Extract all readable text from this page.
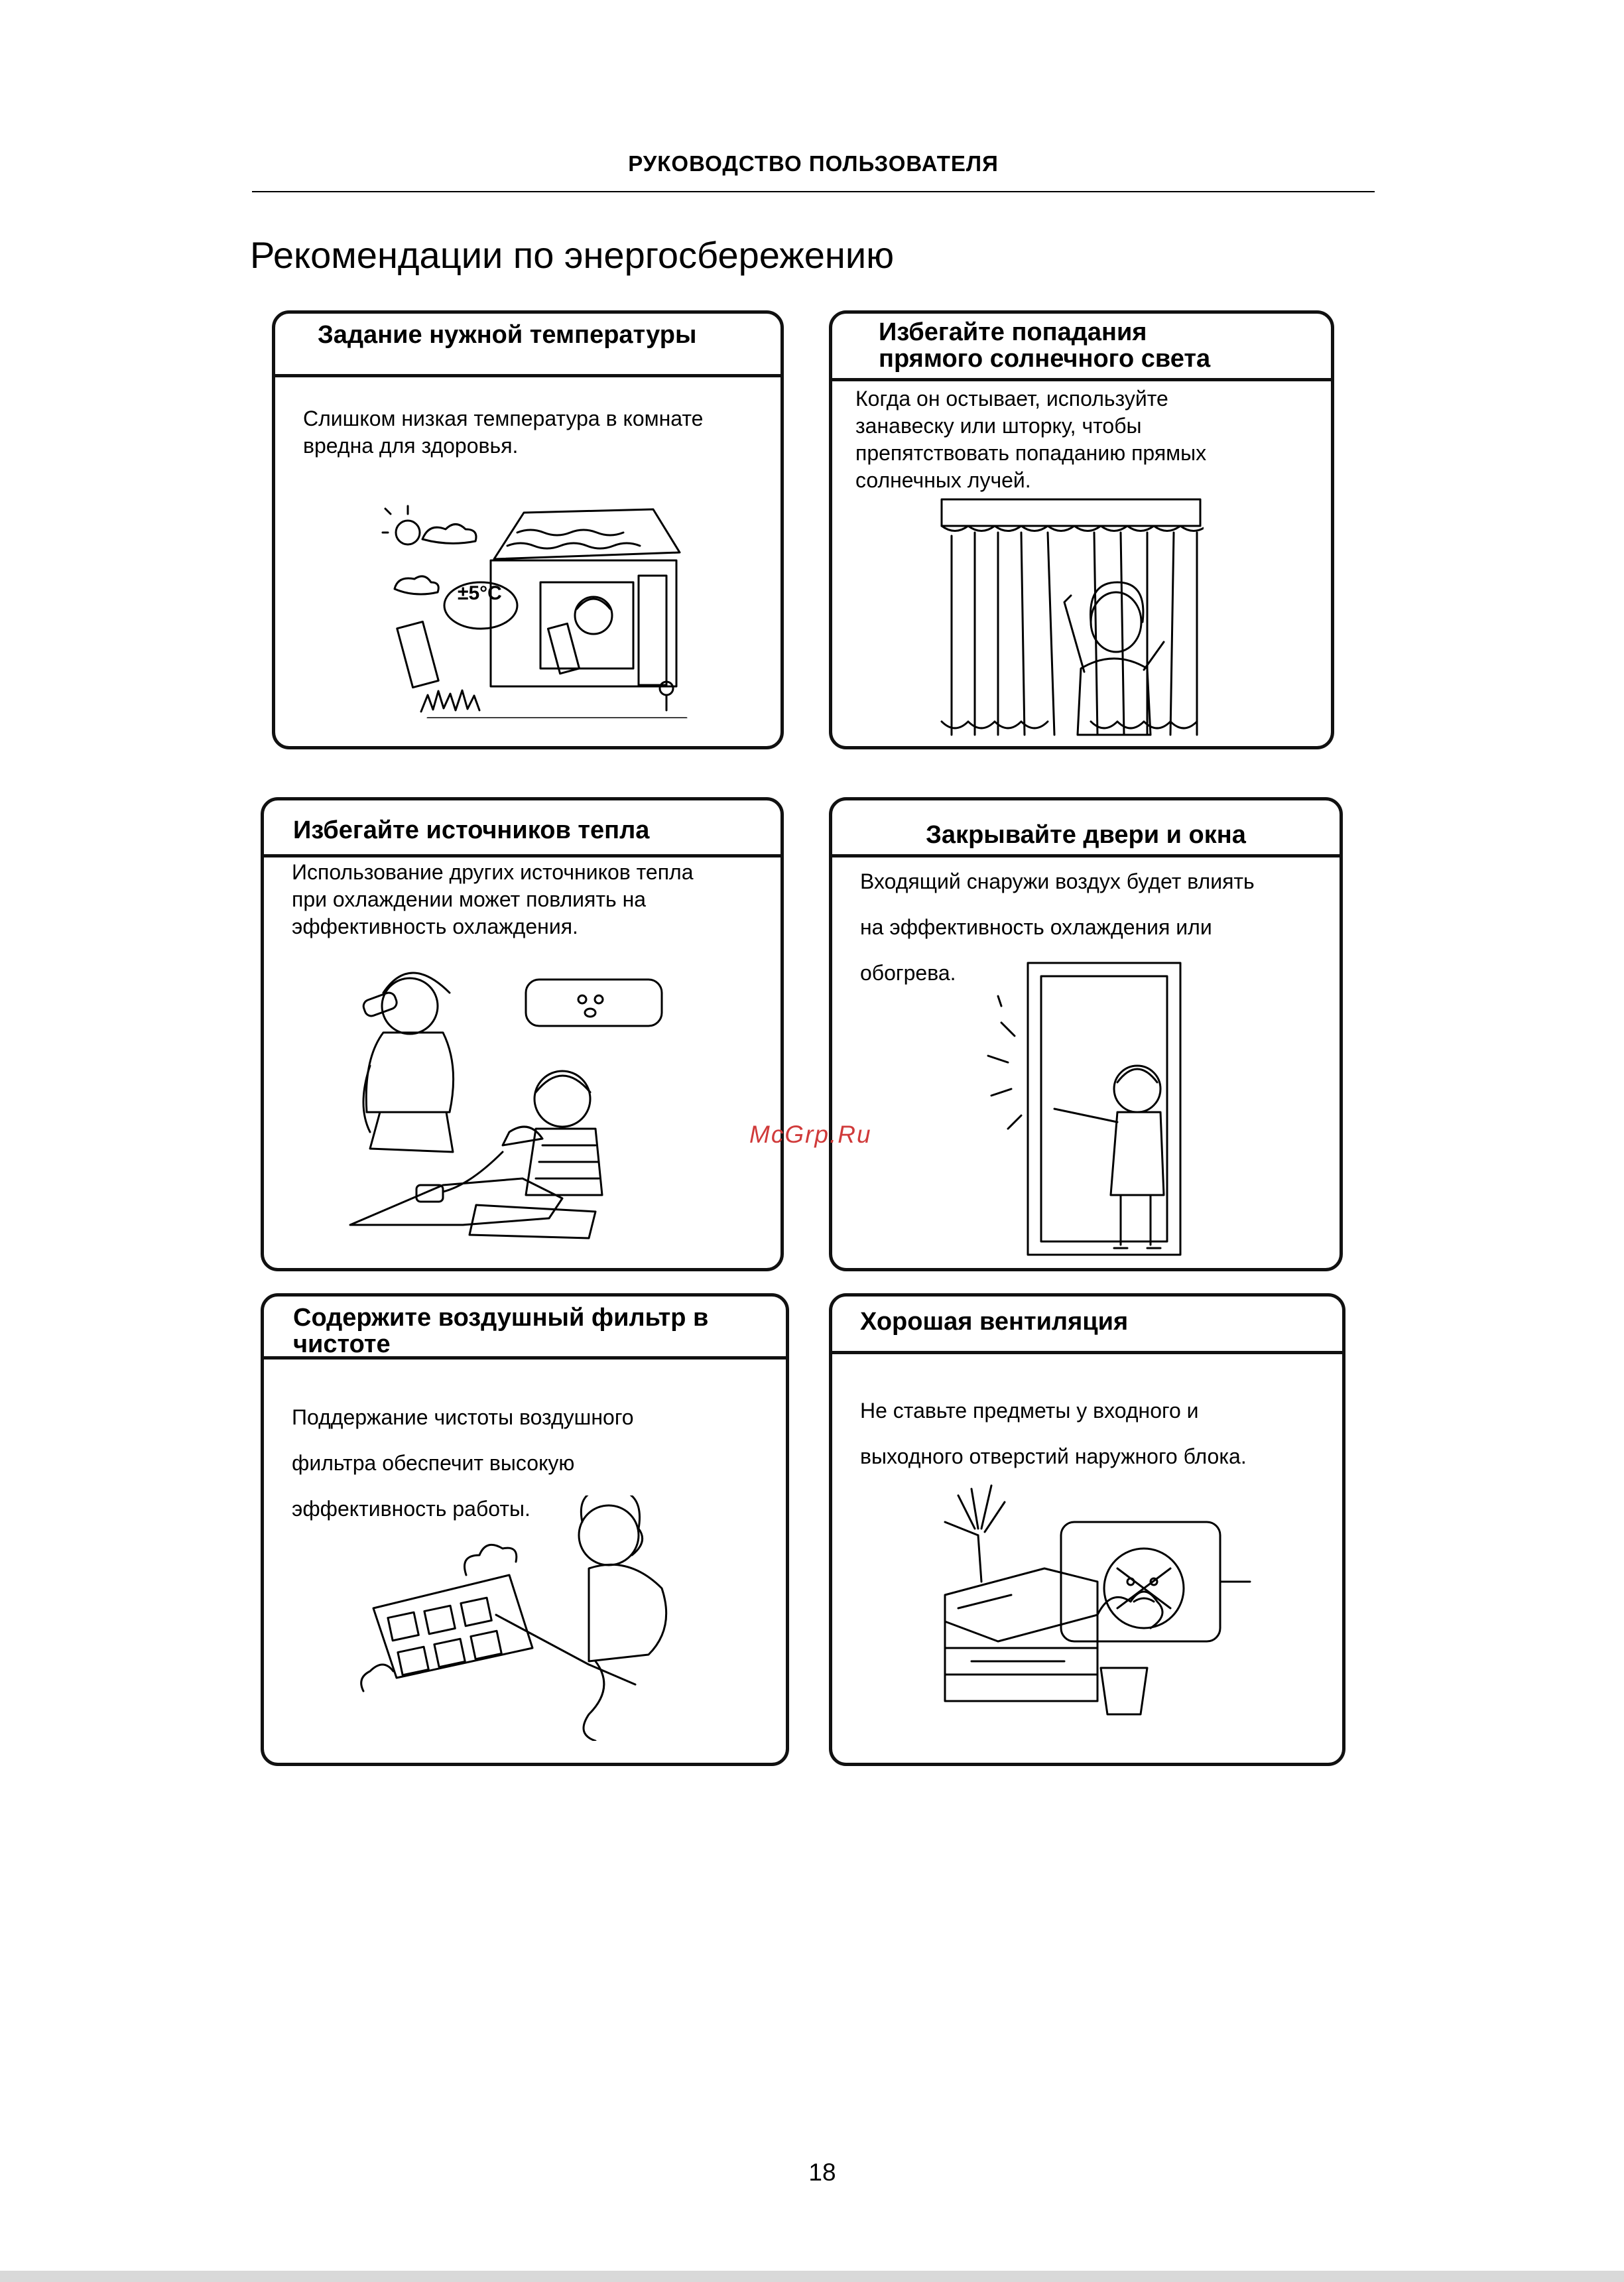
РУКОВОДСТВО ПОЛЬЗОВАТЕЛЯ
Рекомендации по энергосбережению
Задание нужной температуры
Слишком низкая температура в комнате
вредна для здоровья.
±5°C
Избегайте попадания
прямого солнечного света
Когда он остывает, используйте
занавеску или шторку, чтобы
препятствовать попаданию прямых
солнечных лучей.
Избегайте источников тепла
Использование других источников тепла
при охлаждении может повлиять на
эффективность охлаждения.
Закрывайте двери и окна
Входящий снаружи воздух будет влиять
на эффективность охлаждения или
обогрева.
Содержите воздушный фильтр в
чистоте
Поддержание чистоты воздушного
фильтра обеспечит высокую
эффективность работы.
Хорошая вентиляция
Не ставьте предметы у входного и
выходного отверстий наружного блока.
McGrp.Ru
18
